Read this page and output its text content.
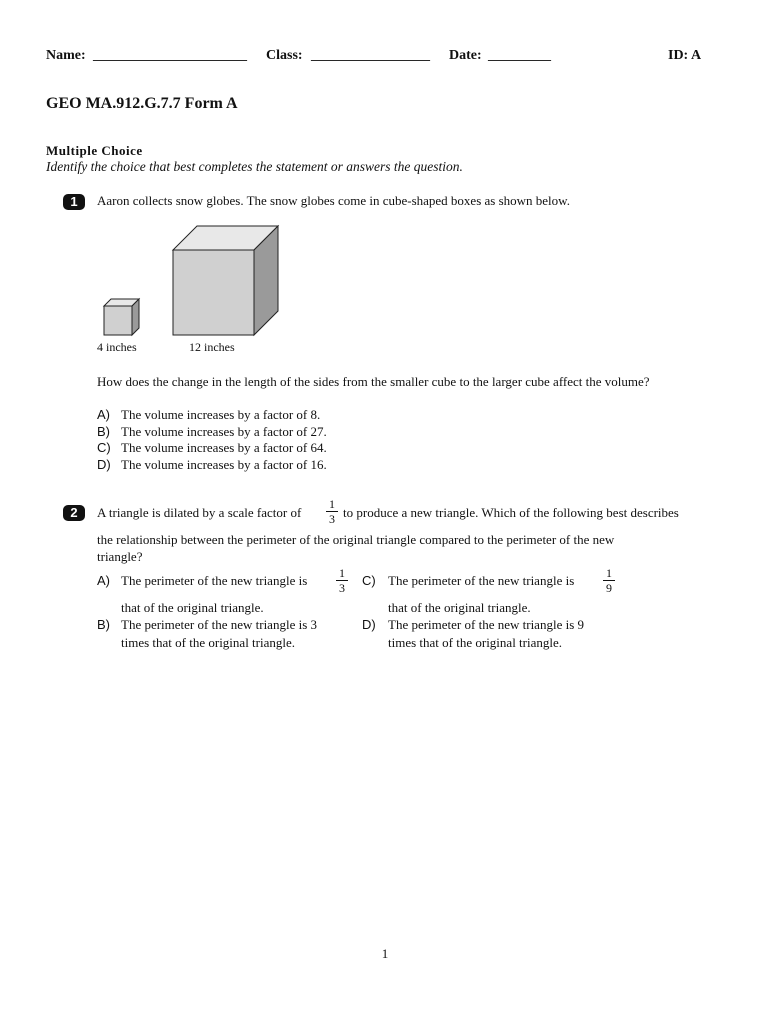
Name: ______________________ Class: _________________ Date: _________	ID: A
GEO MA.912.G.7.7 Form A
Multiple Choice
Identify the choice that best completes the statement or answers the question.
1	Aaron collects snow globes. The snow globes come in cube-shaped boxes as shown below.
4 inches	12 inches
How does the change in the length of the sides from the smaller cube to the larger cube affect the volume?
A) The volume increases by a factor of 8.
B) The volume increases by a factor of 27.
C) The volume increases by a factor of 64.
D) The volume increases by a factor of 16.
2	A triangle is dilated by a scale factor of
1
3 to produce a new triangle. Which of the following best describes
the relationship between the perimeter of the original triangle compared to the perimeter of the new
triangle?
A) The perimeter of the new triangle is	1
3
that of the original triangle.
B) The perimeter of the new triangle is 3
times that of the original triangle.
C) The perimeter of the new triangle is	1
9
that of the original triangle.
D) The perimeter of the new triangle is 9
times that of the original triangle.
1
